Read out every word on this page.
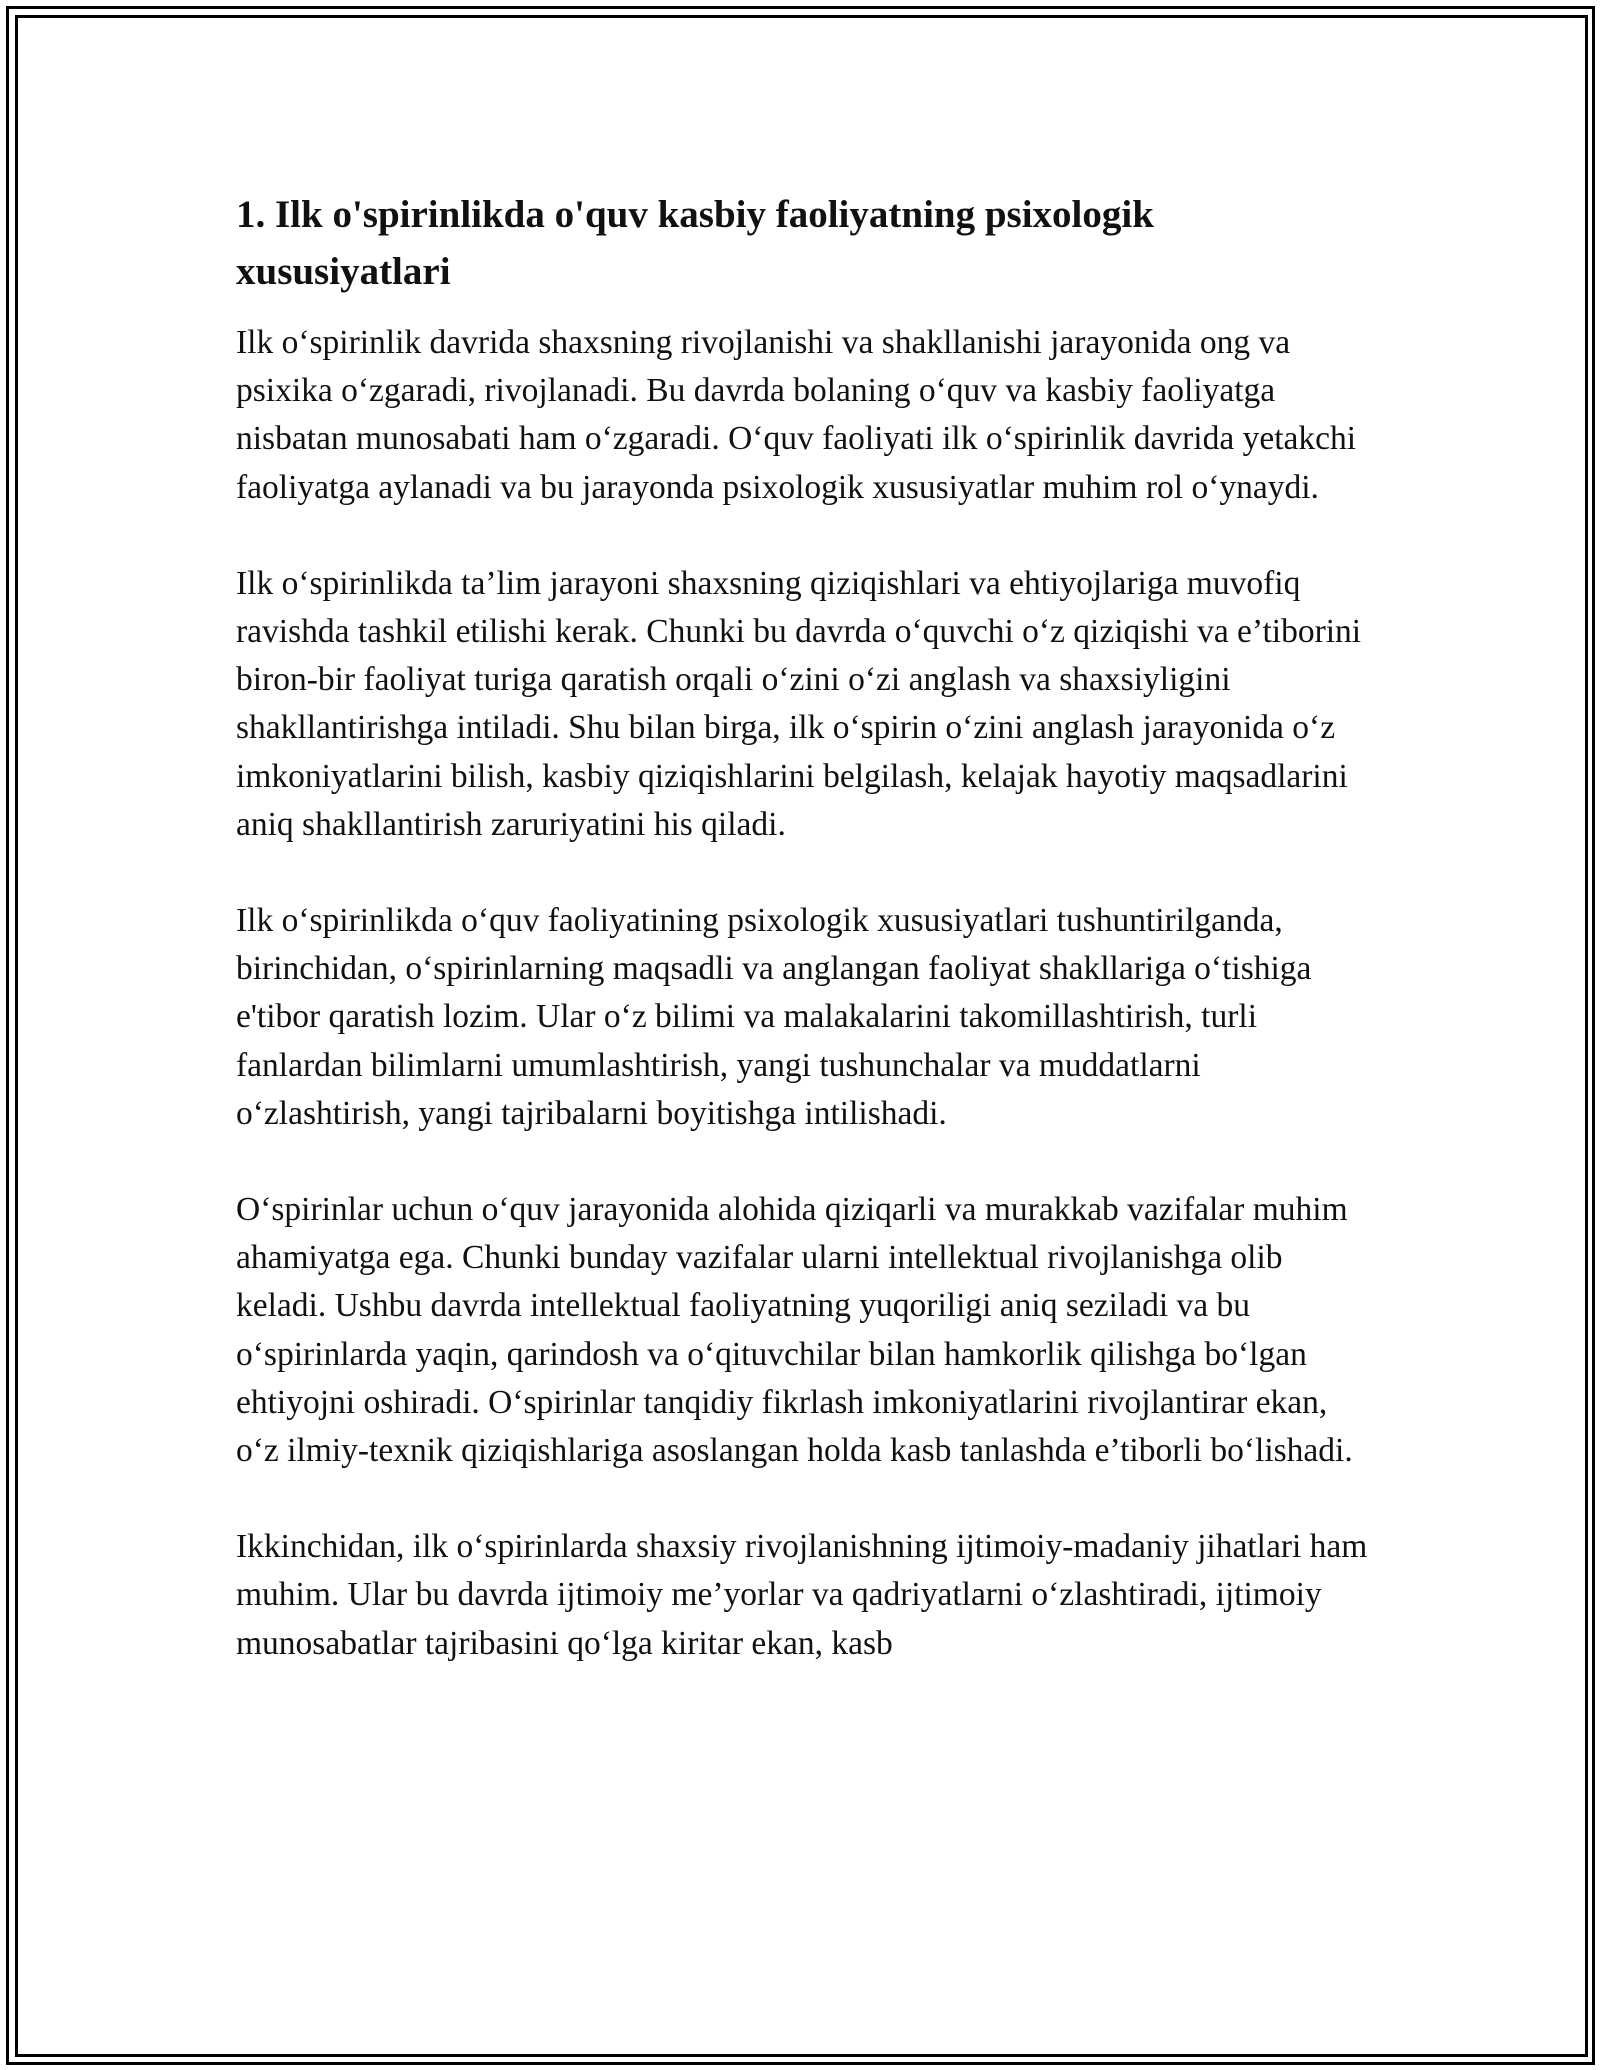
1. Ilk o'spirinlikda o'quv kasbiy faoliyatning psixologik xususiyatlari

Ilk o‘spirinlik davrida shaxsning rivojlanishi va shakllanishi jarayonida ong va psixika o‘zgaradi, rivojlanadi. Bu davrda bolaning o‘quv va kasbiy faoliyatga nisbatan munosabati ham o‘zgaradi. O‘quv faoliyati ilk o‘spirinlik davrida yetakchi faoliyatga aylanadi va bu jarayonda psixologik xususiyatlar muhim rol o‘ynaydi.

Ilk o‘spirinlikda ta’lim jarayoni shaxsning qiziqishlari va ehtiyojlariga muvofiq ravishda tashkil etilishi kerak. Chunki bu davrda o‘quvchi o‘z qiziqishi va e’tiborini biron-bir faoliyat turiga qaratish orqali o‘zini o‘zi anglash va shaxsiyligini shakllantirishga intiladi. Shu bilan birga, ilk o‘spirin o‘zini anglash jarayonida o‘z imkoniyatlarini bilish, kasbiy qiziqishlarini belgilash, kelajak hayotiy maqsadlarini aniq shakllantirish zaruriyatini his qiladi.

Ilk o‘spirinlikda o‘quv faoliyatining psixologik xususiyatlari tushuntirilganda, birinchidan, o‘spirinlarning maqsadli va anglangan faoliyat shakllariga o‘tishiga e'tibor qaratish lozim. Ular o‘z bilimi va malakalarini takomillashtirish, turli fanlardan bilimlarni umumlashtirish, yangi tushunchalar va muddatlarni o‘zlashtirish, yangi tajribalarni boyitishga intilishadi.

O‘spirinlar uchun o‘quv jarayonida alohida qiziqarli va murakkab vazifalar muhim ahamiyatga ega. Chunki bunday vazifalar ularni intellektual rivojlanishga olib keladi. Ushbu davrda intellektual faoliyatning yuqoriligi aniq seziladi va bu o‘spirinlarda yaqin, qarindosh va o‘qituvchilar bilan hamkorlik qilishga bo‘lgan ehtiyojni oshiradi. O‘spirinlar tanqidiy fikrlash imkoniyatlarini rivojlantirar ekan, o‘z ilmiy-texnik qiziqishlariga asoslangan holda kasb tanlashda e’tiborli bo‘lishadi.

Ikkinchidan, ilk o‘spirinlarda shaxsiy rivojlanishning ijtimoiy-madaniy jihatlari ham muhim. Ular bu davrda ijtimoiy me’yorlar va qadriyatlarni o‘zlashtiradi, ijtimoiy munosabatlar tajribasini qo‘lga kiritar ekan, kasb
